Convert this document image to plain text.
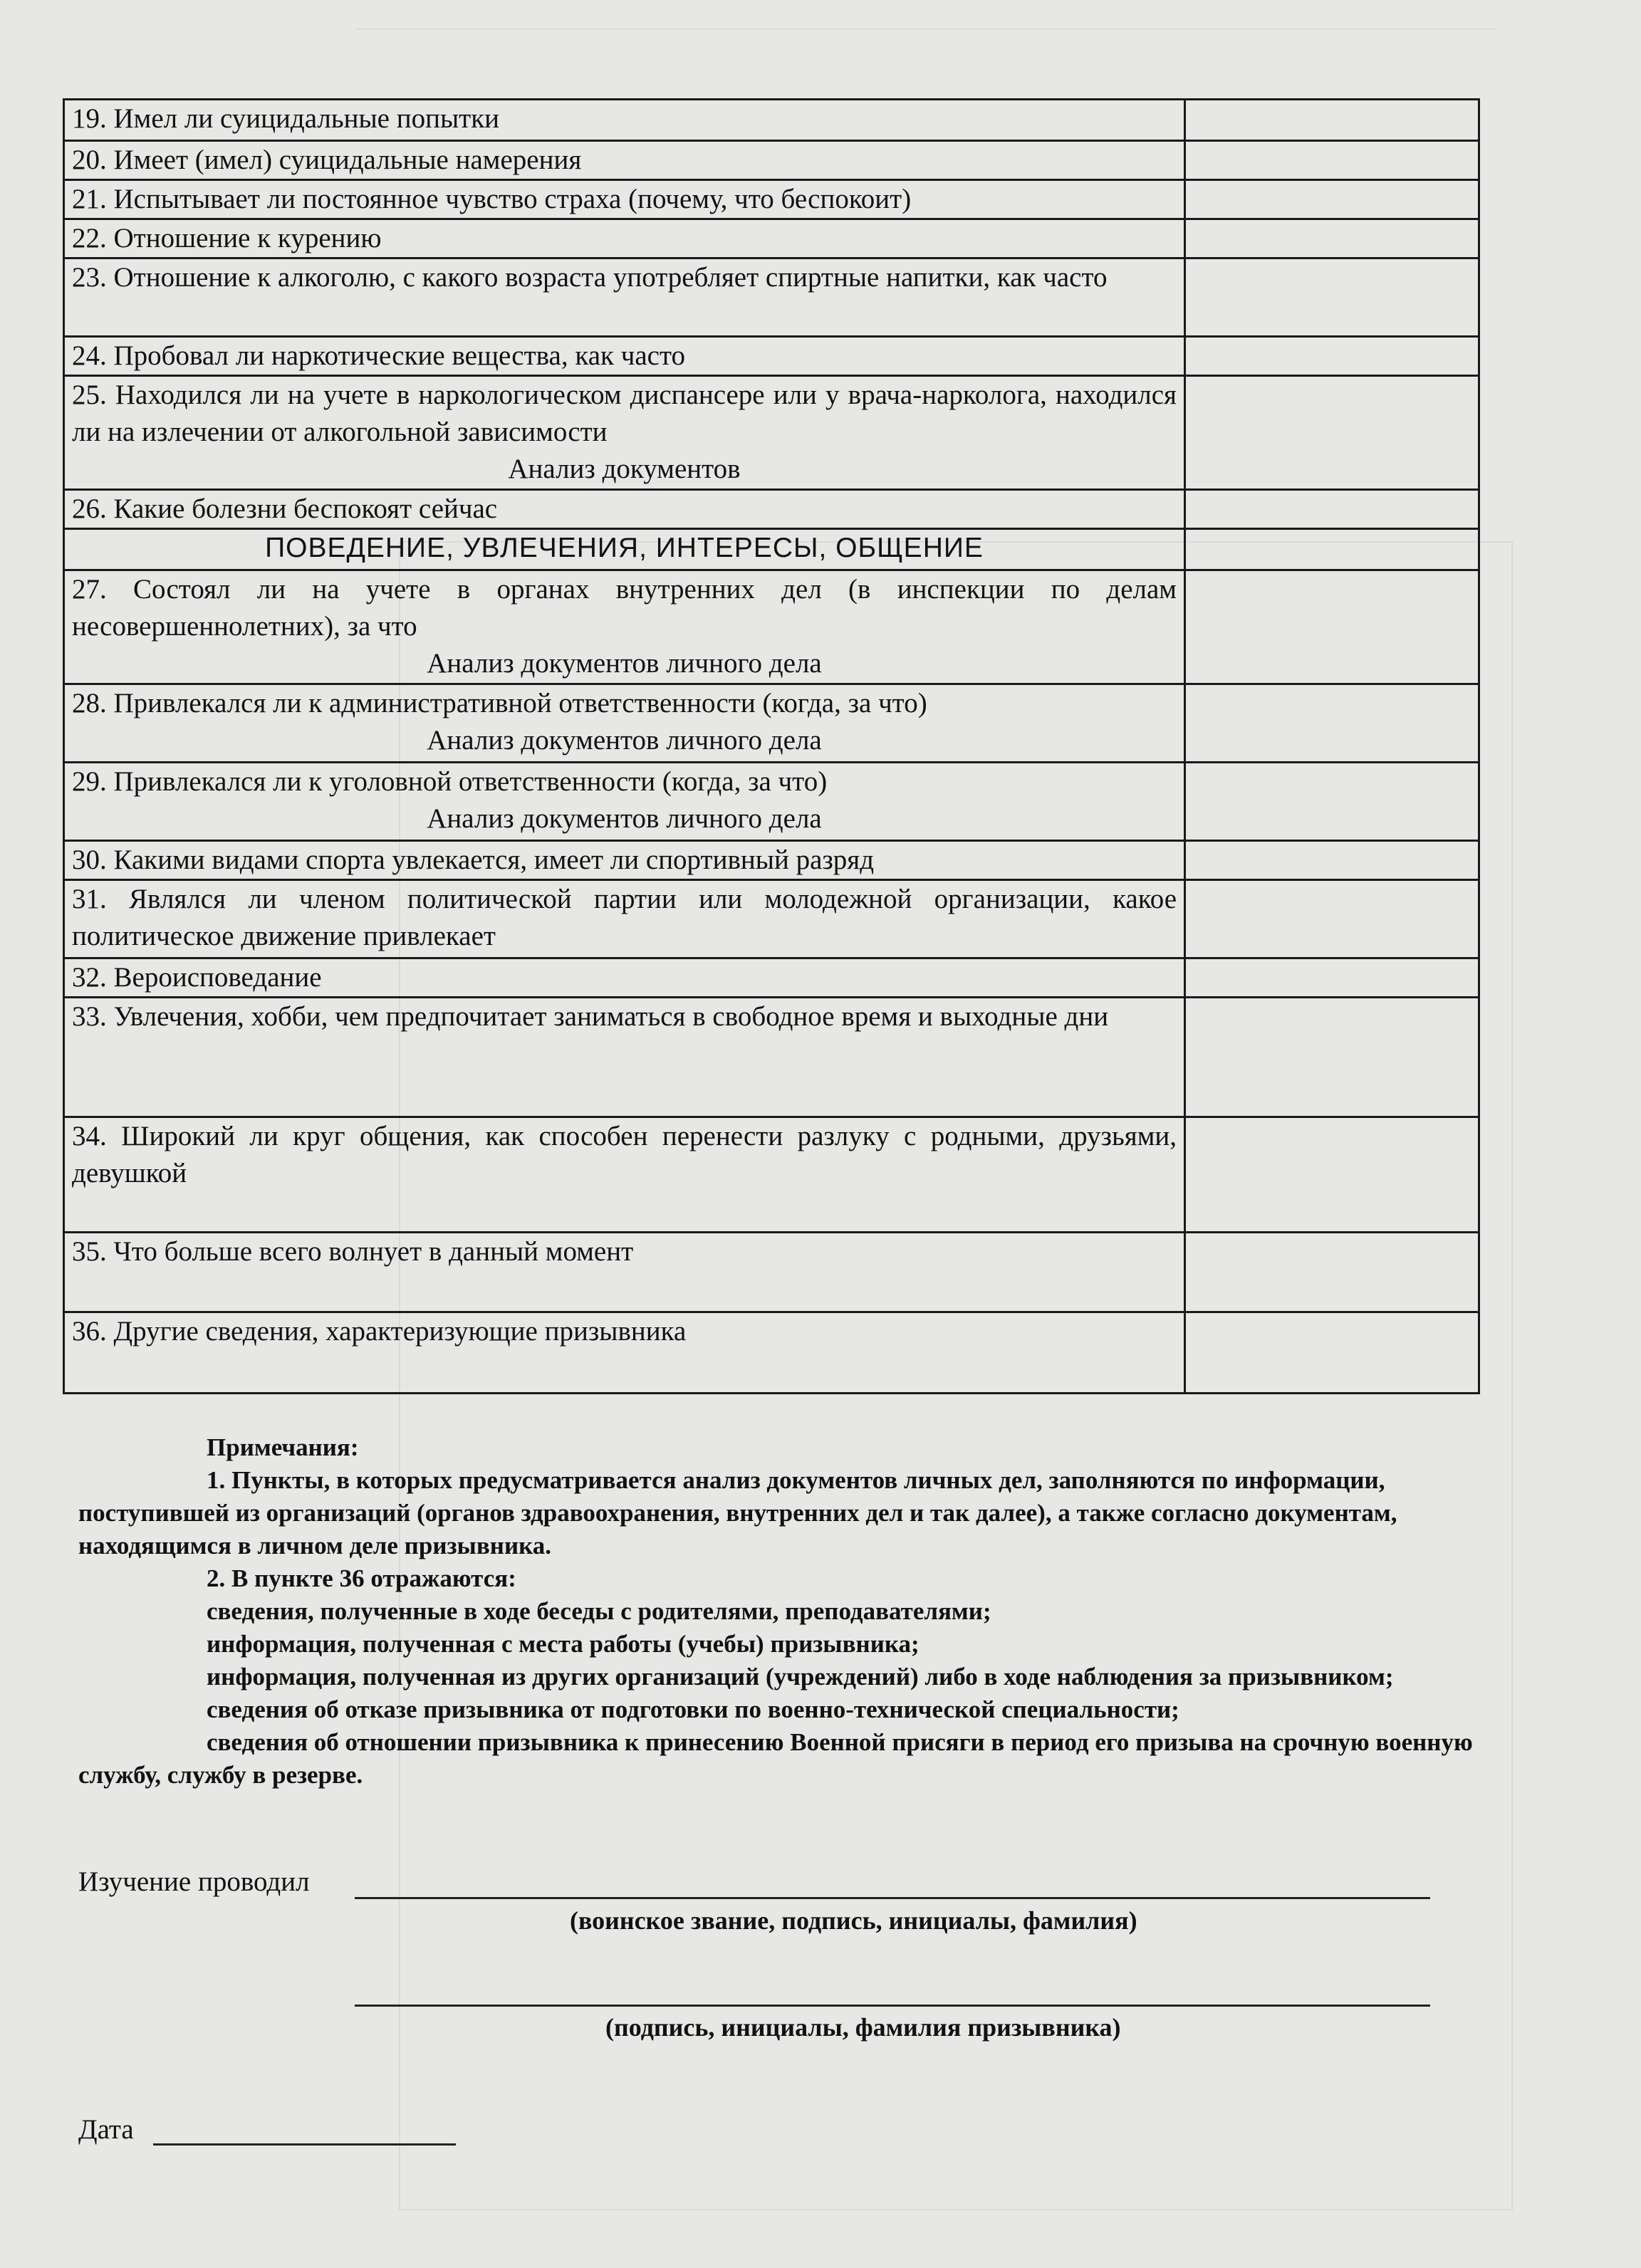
19. Имел ли суицидальные попытки	
20. Имеет (имел) суицидальные намерения	
21. Испытывает ли постоянное чувство страха (почему, что беспокоит)	
22. Отношение к курению	
23. Отношение к алкоголю, с какого возраста употребляет спиртные напитки, как часто	
24. Пробовал ли наркотические вещества, как часто	

25. Находился ли на учете в наркологическом диспансере или у врача-нарколога, находился ли на излечении от алкогольной зависимости
Анализ документов	

26. Какие болезни беспокоят сейчас	
ПОВЕДЕНИЕ, УВЛЕЧЕНИЯ, ИНТЕРЕСЫ, ОБЩЕНИЕ	

27. Состоял ли на учете в органах внутренних дел (в инспекции по делам несовершеннолетних), за что
Анализ документов личного дела	

28. Привлекался ли к административной ответственности (когда, за что)
Анализ документов личного дела	

29. Привлекался ли к уголовной ответственности (когда, за что)
Анализ документов личного дела	

30. Какими видами спорта увлекается, имеет ли спортивный разряд	
31. Являлся ли членом политической партии или молодежной организации, какое политическое движение привлекает	
32. Вероисповедание	
33. Увлечения, хобби, чем предпочитает заниматься в свободное время и выходные дни	
34. Широкий ли круг общения, как способен перенести разлуку с родными, друзьями, девушкой	
35. Что больше всего волнует в данный момент	
36. Другие сведения, характеризующие призывника	

Примечания:

1. Пункты, в которых предусматривается анализ документов личных дел, заполняются по информации, поступившей из организаций (органов здравоохранения, внутренних дел и так далее), а также согласно документам, находящимся в личном деле призывника.

2. В пункте 36 отражаются:

сведения, полученные в ходе беседы с родителями, преподавателями;

информация, полученная с места работы (учебы) призывника;

информация, полученная из других организаций (учреждений) либо в ходе наблюдения за призывником;

сведения об отказе призывника от подготовки по военно-технической специальности;

сведения об отношении призывника к принесению Военной присяги в период его призыва на срочную военную службу, службу в резерве.

Изучение проводил
(воинское звание, подпись, инициалы, фамилия)
(подпись, инициалы, фамилия призывника)
Дата
